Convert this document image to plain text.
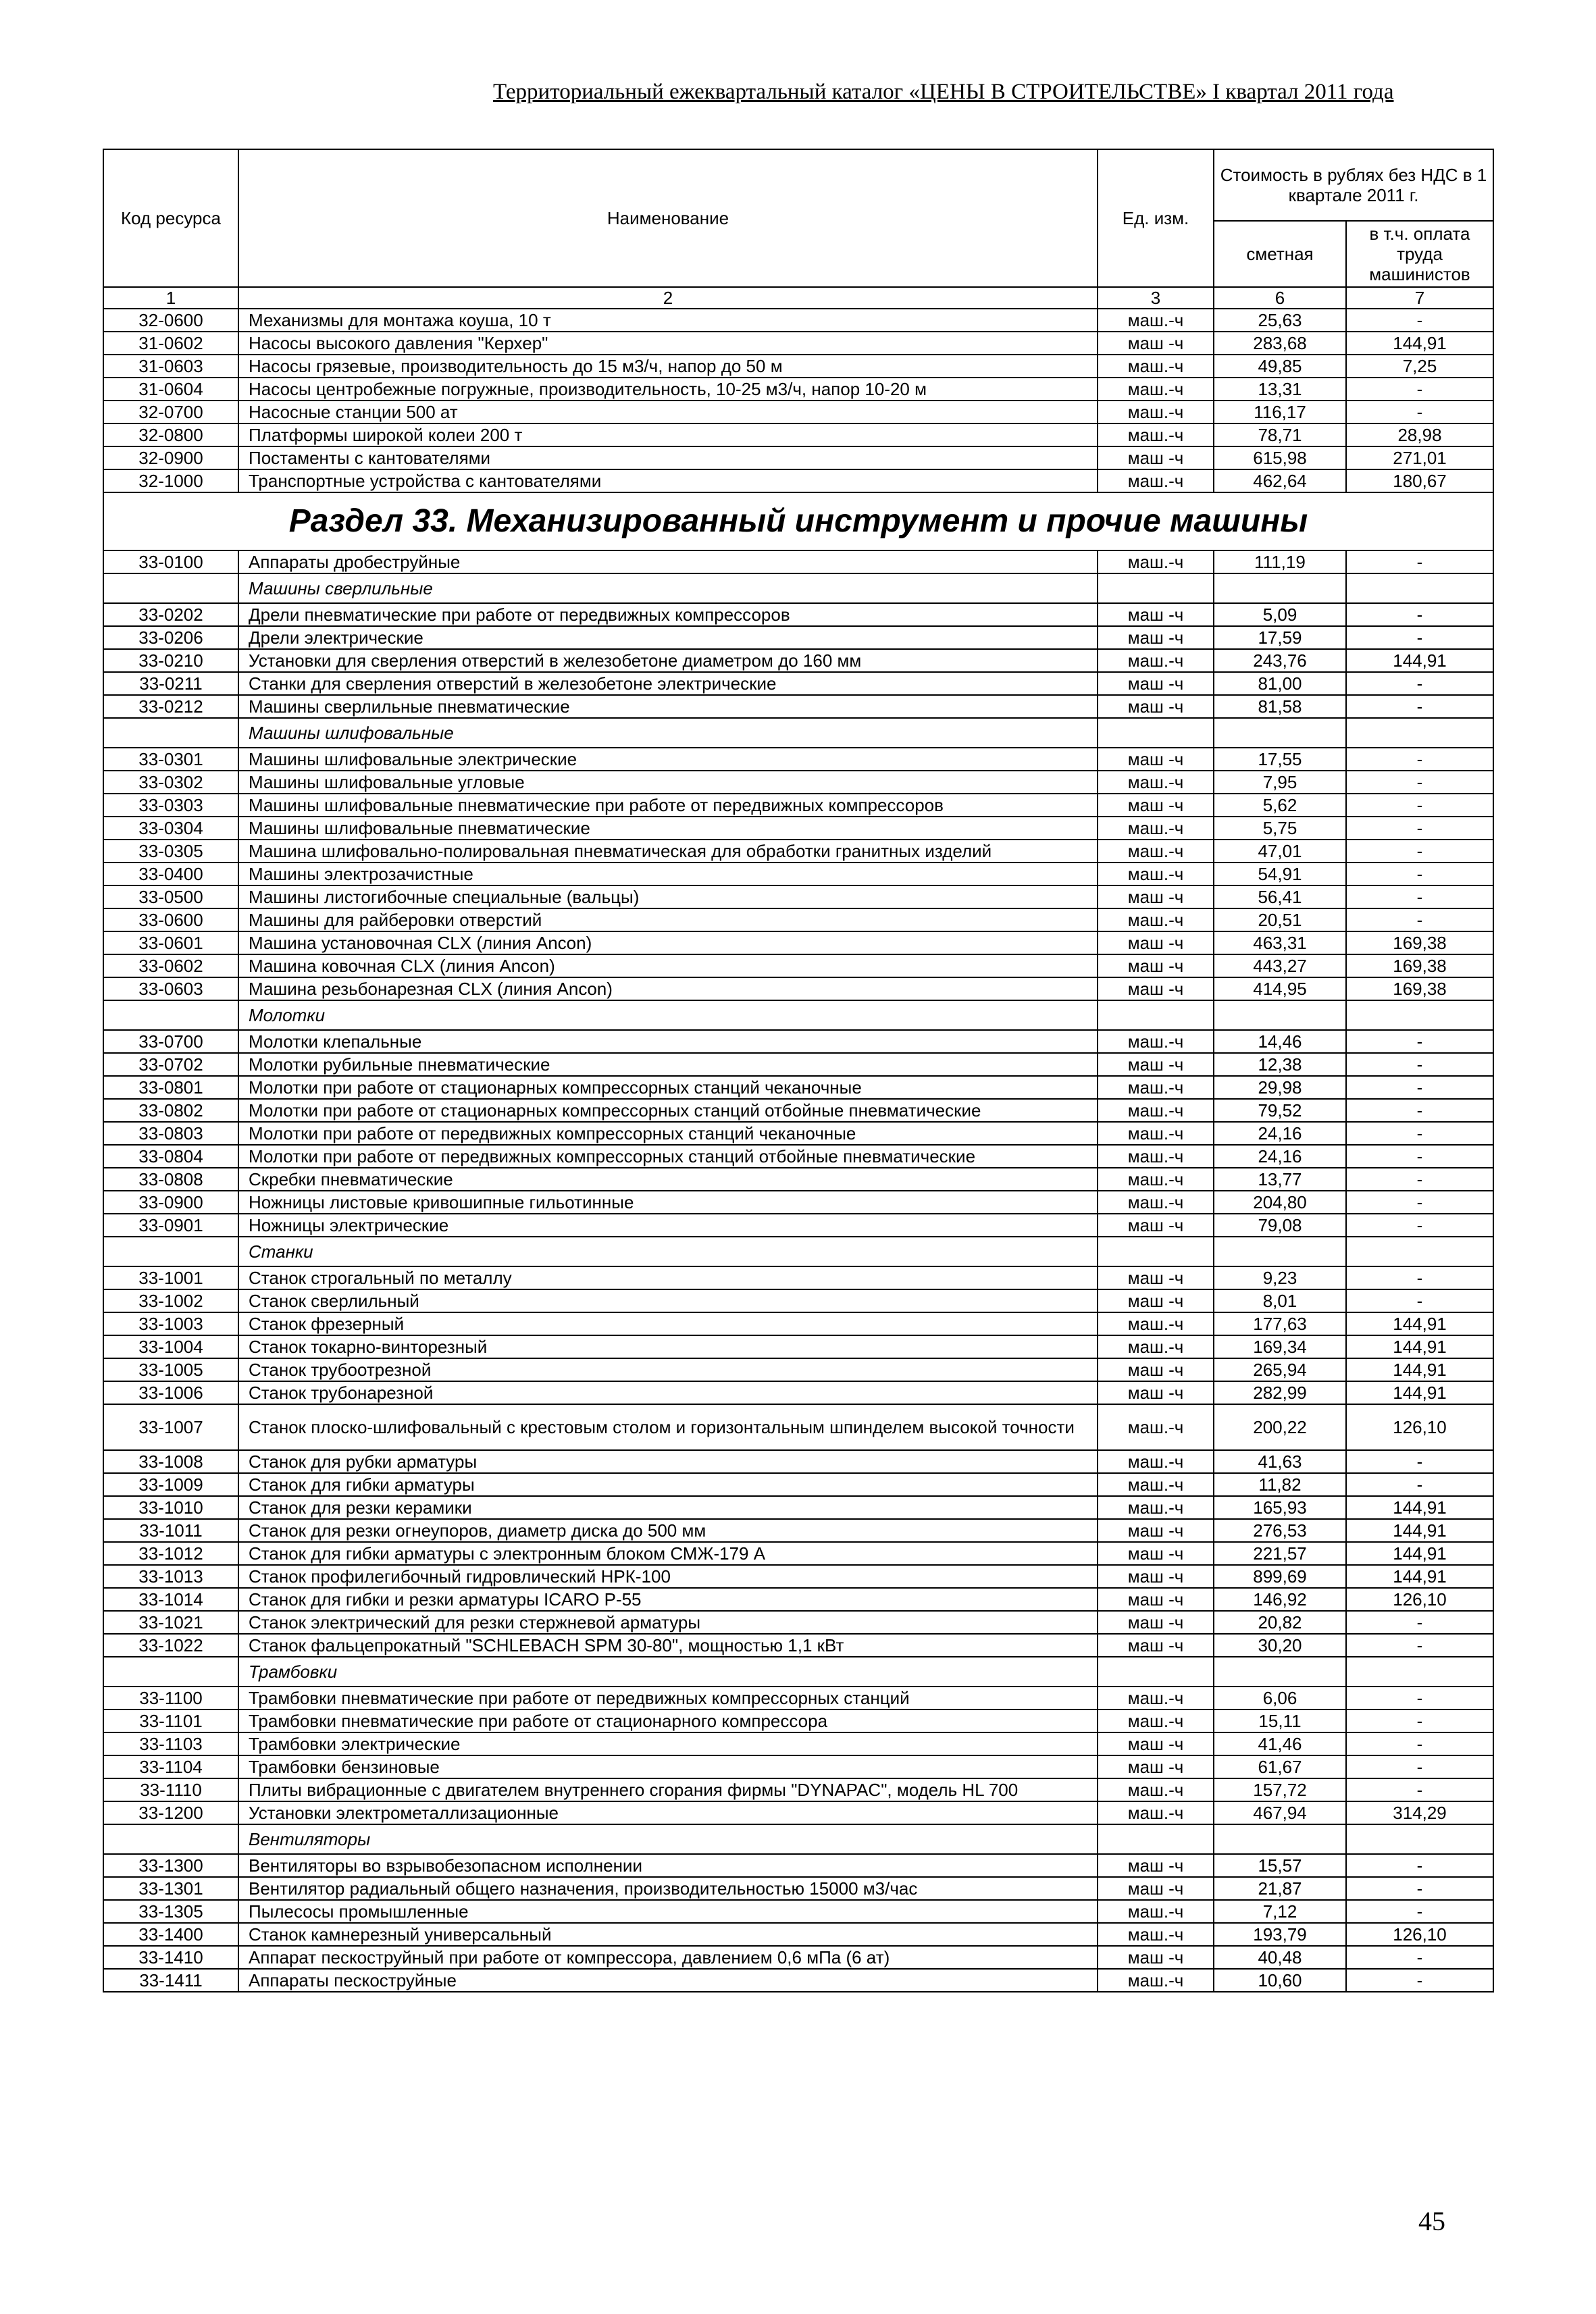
Территориальный ежеквартальный каталог «ЦЕНЫ В СТРОИТЕЛЬСТВЕ» I квартал 2011 года
Код ресурса	Наименование	Ед. изм.	Стоимость в рублях без НДС в 1 квартале 2011 г.	
			сметная	в т.ч. оплата труда машинистов
1	2	3	6	7
32-0600	Механизмы для монтажа коуша, 10 т	маш.-ч	25,63	-
31-0602	Насосы высокого давления "Керхер"	маш -ч	283,68	144,91
31-0603	Насосы грязевые, производительность до 15 м3/ч, напор до 50 м	маш.-ч	49,85	7,25
31-0604	Насосы центробежные погружные, производительность, 10-25 м3/ч, напор 10-20 м	маш.-ч	13,31	-
32-0700	Насосные станции 500 ат	маш.-ч	116,17	-
32-0800	Платформы широкой колеи 200 т	маш.-ч	78,71	28,98
32-0900	Постаменты с кантователями	маш -ч	615,98	271,01
32-1000	Транспортные устройства с кантователями	маш.-ч	462,64	180,67
Раздел 33. Механизированный инструмент и прочие машины				
33-0100	Аппараты дробеструйные	маш.-ч	111,19	-
	Машины сверлильные			
33-0202	Дрели пневматические при работе от передвижных компрессоров	маш -ч	5,09	-
33-0206	Дрели электрические	маш -ч	17,59	-
33-0210	Установки для сверления отверстий в железобетоне диаметром до 160 мм	маш.-ч	243,76	144,91
33-0211	Станки для сверления отверстий в железобетоне электрические	маш -ч	81,00	-
33-0212	Машины сверлильные пневматические	маш -ч	81,58	-
	Машины шлифовальные			
33-0301	Машины шлифовальные электрические	маш -ч	17,55	-
33-0302	Машины шлифовальные угловые	маш.-ч	7,95	-
33-0303	Машины шлифовальные пневматические при работе от передвижных компрессоров	маш -ч	5,62	-
33-0304	Машины шлифовальные пневматические	маш.-ч	5,75	-
33-0305	Машина шлифовально-полировальная пневматическая для обработки гранитных изделий	маш.-ч	47,01	-
33-0400	Машины электрозачистные	маш.-ч	54,91	-
33-0500	Машины листогибочные специальные (вальцы)	маш -ч	56,41	-
33-0600	Машины для райберовки отверстий	маш.-ч	20,51	-
33-0601	Машина установочная CLX (линия Ancon)	маш -ч	463,31	169,38
33-0602	Машина ковочная CLX (линия Ancon)	маш -ч	443,27	169,38
33-0603	Машина резьбонарезная CLX (линия Ancon)	маш -ч	414,95	169,38
	Молотки			
33-0700	Молотки клепальные	маш.-ч	14,46	-
33-0702	Молотки рубильные пневматические	маш -ч	12,38	-
33-0801	Молотки при работе от стационарных компрессорных станций чеканочные	маш.-ч	29,98	-
33-0802	Молотки при работе от стационарных компрессорных станций отбойные пневматические	маш.-ч	79,52	-
33-0803	Молотки при работе от передвижных компрессорных станций чеканочные	маш.-ч	24,16	-
33-0804	Молотки при работе от передвижных компрессорных станций отбойные пневматические	маш.-ч	24,16	-
33-0808	Скребки пневматические	маш.-ч	13,77	-
33-0900	Ножницы листовые кривошипные гильотинные	маш.-ч	204,80	-
33-0901	Ножницы электрические	маш -ч	79,08	-
	Станки			
33-1001	Станок строгальный по металлу	маш -ч	9,23	-
33-1002	Станок сверлильный	маш -ч	8,01	-
33-1003	Станок фрезерный	маш.-ч	177,63	144,91
33-1004	Станок токарно-винторезный	маш.-ч	169,34	144,91
33-1005	Станок трубоотрезной	маш -ч	265,94	144,91
33-1006	Станок трубонарезной	маш -ч	282,99	144,91
33-1007	Станок плоско-шлифовальный с крестовым столом и горизонтальным шпинделем высокой точности	маш.-ч	200,22	126,10
33-1008	Станок для рубки арматуры	маш.-ч	41,63	-
33-1009	Станок для гибки арматуры	маш.-ч	11,82	-
33-1010	Станок для резки керамики	маш.-ч	165,93	144,91
33-1011	Станок для резки огнеупоров, диаметр диска до 500 мм	маш -ч	276,53	144,91
33-1012	Станок для гибки арматуры с электронным блоком СМЖ-179 А	маш -ч	221,57	144,91
33-1013	Станок профилегибочный гидровлический НРК-100	маш -ч	899,69	144,91
33-1014	Станок для гибки и резки арматуры ICARO P-55	маш -ч	146,92	126,10
33-1021	Станок электрический для резки стержневой арматуры	маш -ч	20,82	-
33-1022	Станок фальцепрокатный "SCHLEBACH SPM 30-80", мощностью 1,1 кВт	маш -ч	30,20	-
	Трамбовки			
33-1100	Трамбовки пневматические при работе от передвижных компрессорных станций	маш.-ч	6,06	-
33-1101	Трамбовки пневматические при работе от стационарного компрессора	маш.-ч	15,11	-
33-1103	Трамбовки электрические	маш -ч	41,46	-
33-1104	Трамбовки бензиновые	маш -ч	61,67	-
33-1110	Плиты вибрационные с двигателем внутреннего сгорания фирмы "DYNAPAC", модель HL 700	маш.-ч	157,72	-
33-1200	Установки электрометаллизационные	маш.-ч	467,94	314,29
	Вентиляторы			
33-1300	Вентиляторы во взрывобезопасном исполнении	маш -ч	15,57	-
33-1301	Вентилятор радиальный общего назначения, производительностью 15000 м3/час	маш -ч	21,87	-
33-1305	Пылесосы промышленные	маш.-ч	7,12	-
33-1400	Станок камнерезный универсальный	маш.-ч	193,79	126,10
33-1410	Аппарат пескоструйный при работе от компрессора, давлением 0,6 мПа (6 ат)	маш -ч	40,48	-
33-1411	Аппараты пескоструйные	маш.-ч	10,60	-
45
